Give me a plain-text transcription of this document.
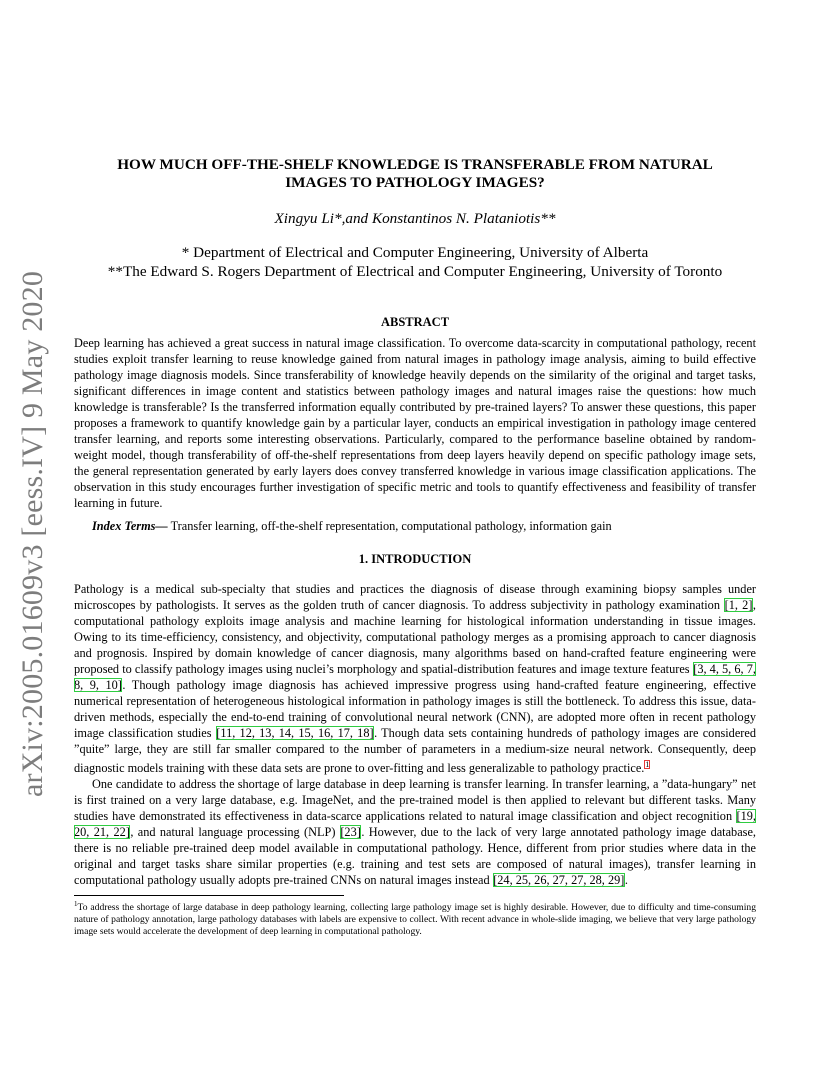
arXiv:2005.01609v3 [eess.IV] 9 May 2020
HOW MUCH OFF-THE-SHELF KNOWLEDGE IS TRANSFERABLE FROM NATURAL
IMAGES TO PATHOLOGY IMAGES?
Xingyu Li*,and Konstantinos N. Plataniotis**
* Department of Electrical and Computer Engineering, University of Alberta
**The Edward S. Rogers Department of Electrical and Computer Engineering, University of Toronto
ABSTRACT

Deep learning has achieved a great success in natural image classification. To overcome data-scarcity in computational pathology, recent studies exploit transfer learning to reuse knowledge gained from natural images in pathology image analysis, aiming to build effective pathology image diagnosis models. Since transferability of knowledge heavily depends on the similarity of the original and target tasks, significant differences in image content and statistics between pathology images and natural images raise the questions: how much knowledge is transferable? Is the transferred information equally contributed by pre-trained layers? To answer these questions, this paper proposes a framework to quantify knowledge gain by a particular layer, conducts an empirical investigation in pathology image centered transfer learning, and reports some interesting observations. Particularly, compared to the performance baseline obtained by random-weight model, though transferability of off-the-shelf representations from deep layers heavily depend on specific pathology image sets, the general representation generated by early layers does convey transferred knowledge in various image classification applications. The observation in this study encourages further investigation of specific metric and tools to quantify effectiveness and feasibility of transfer learning in future.

Index Terms— Transfer learning, off-the-shelf representation, computational pathology, information gain
1. INTRODUCTION

Pathology is a medical sub-specialty that studies and practices the diagnosis of disease through examining biopsy samples under microscopes by pathologists. It serves as the golden truth of cancer diagnosis. To address subjectivity in pathology examination [1, 2], computational pathology exploits image analysis and machine learning for histological information understanding in tissue images. Owing to its time-efficiency, consistency, and objectivity, computational pathology merges as a promising approach to cancer diagnosis and prognosis. Inspired by domain knowledge of cancer diagnosis, many algorithms based on hand-crafted feature engineering were proposed to classify pathology images using nuclei’s morphology and spatial-distribution features and image texture features [3, 4, 5, 6, 7, 8, 9, 10]. Though pathology image diagnosis has achieved impressive progress using hand-crafted feature engineering, effective numerical representation of heterogeneous histological information in pathology images is still the bottleneck. To address this issue, data-driven methods, especially the end-to-end training of convolutional neural network (CNN), are adopted more often in recent pathology image classification studies [11, 12, 13, 14, 15, 16, 17, 18]. Though data sets containing hundreds of pathology images are considered ”quite” large, they are still far smaller compared to the number of parameters in a medium-size neural network. Consequently, deep diagnostic models training with these data sets are prone to over-fitting and less generalizable to pathology practice.$^1$

One candidate to address the shortage of large database in deep learning is transfer learning. In transfer learning, a ”data-hungary” net is first trained on a very large database, e.g. ImageNet, and the pre-trained model is then applied to relevant but different tasks. Many studies have demonstrated its effectiveness in data-scarce applications related to natural image classification and object recognition [19, 20, 21, 22], and natural language processing (NLP) [23]. However, due to the lack of very large annotated pathology image database, there is no reliable pre-trained deep model available in computational pathology. Hence, different from prior studies where data in the original and target tasks share similar properties (e.g. training and test sets are composed of natural images), transfer learning in computational pathology usually adopts pre-trained CNNs on natural images instead [24, 25, 26, 27, 27, 28, 29].

$^1$To address the shortage of large database in deep pathology learning, collecting large pathology image set is highly desirable. However, due to difficulty and time-consuming nature of pathology annotation, large pathology databases with labels are expensive to collect. With recent advance in whole-slide imaging, we believe that very large pathology image sets would accelerate the development of deep learning in computational pathology.
